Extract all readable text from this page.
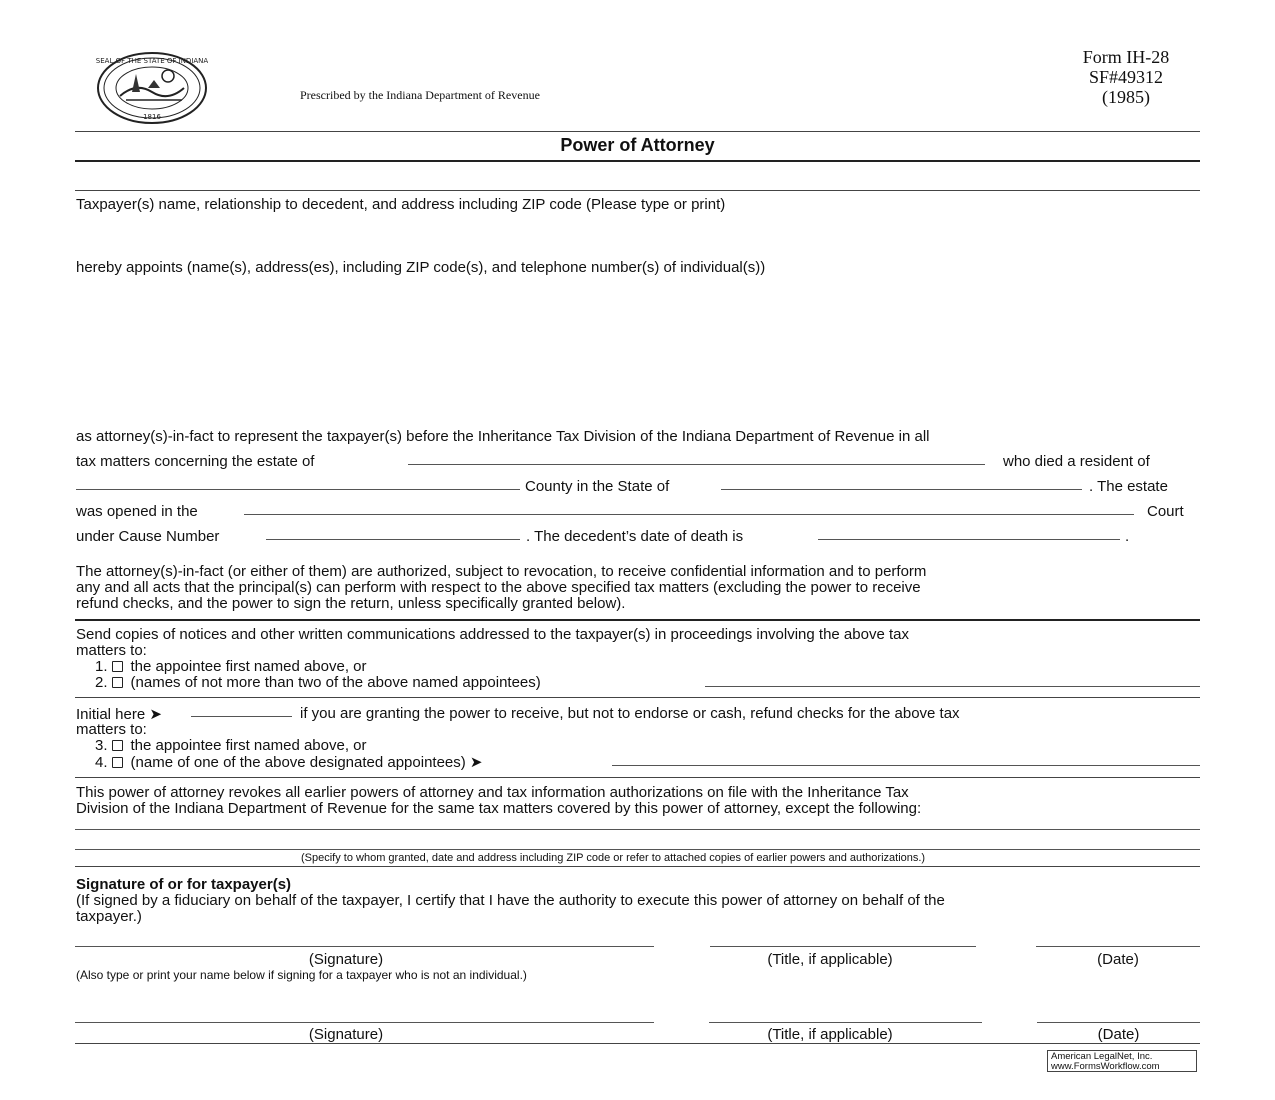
SEAL OF THE STATE OF INDIANA
1816
Prescribed by the Indiana Department of Revenue
Form IH-28
SF#49312
(1985)
Power of Attorney
Taxpayer(s) name, relationship to decedent, and address including ZIP code (Please type or print)
hereby appoints (name(s), address(es), including ZIP code(s), and telephone number(s) of individual(s))
as attorney(s)-in-fact to represent the taxpayer(s) before the Inheritance Tax Division of the Indiana Department of Revenue in all
tax matters concerning the estate of	who died a resident of
County in the State of	. The estate
was opened in the	Court
under Cause Number	. The decedent’s date of death is	.
The attorney(s)-in-fact (or either of them) are authorized, subject to revocation, to receive confidential information and to perform
any and all acts that the principal(s) can perform with respect to the above specified tax matters (excluding the power to receive
refund checks, and the power to sign the return, unless specifically granted below).
Send copies of notices and other written communications addressed to the taxpayer(s) in proceedings involving the above tax
matters to:
1. the appointee first named above, or
2. (names of not more than two of the above named appointees)
Initial here ➤	if you are granting the power to receive, but not to endorse or cash, refund checks for the above tax
matters to:
3. the appointee first named above, or
4. (name of one of the above designated appointees) ➤
This power of attorney revokes all earlier powers of attorney and tax information authorizations on file with the Inheritance Tax
Division of the Indiana Department of Revenue for the same tax matters covered by this power of attorney, except the following:
(Specify to whom granted, date and address including ZIP code or refer to attached copies of earlier powers and authorizations.)
Signature of or for taxpayer(s)
(If signed by a fiduciary on behalf of the taxpayer, I certify that I have the authority to execute this power of attorney on behalf of the
taxpayer.)
(Signature)	(Title, if applicable)	(Date)
(Also type or print your name below if signing for a taxpayer who is not an individual.)
(Signature)	(Title, if applicable)	(Date)
American LegalNet, Inc.
www.FormsWorkflow.com
